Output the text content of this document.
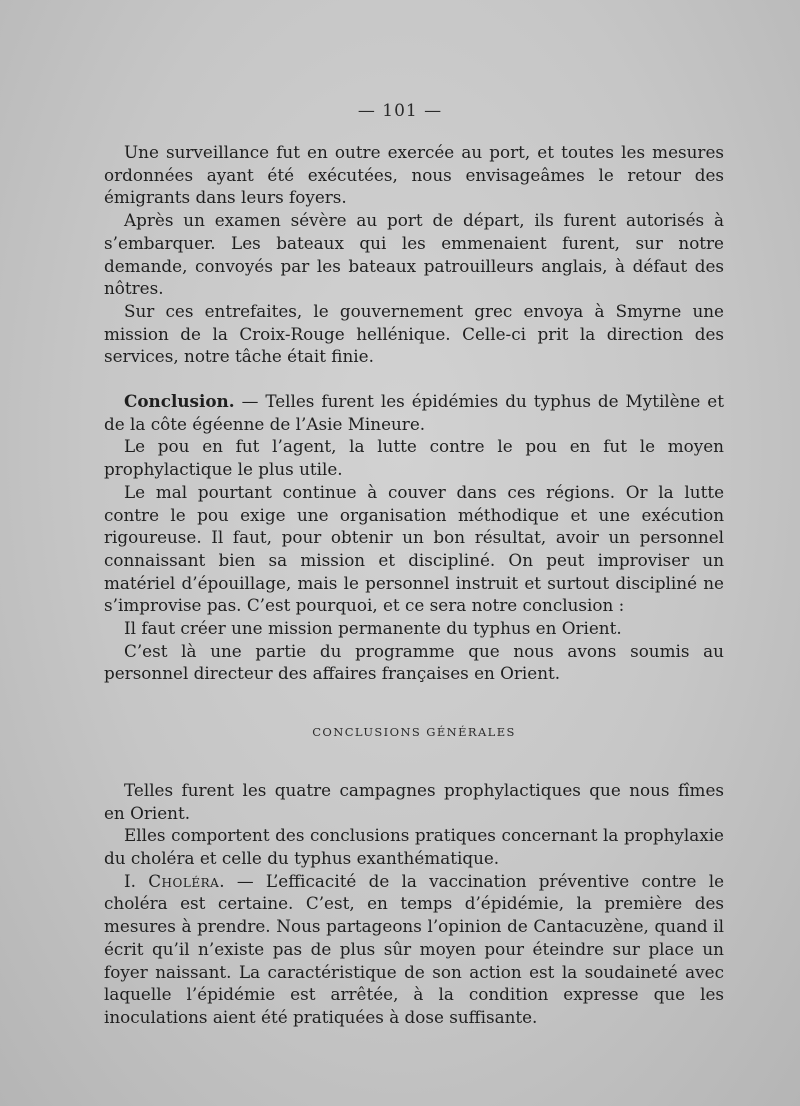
— 101 —

Une surveillance fut en outre exercée au port, et toutes les mesures ordonnées ayant été exécutées, nous envisageâmes le retour des émigrants dans leurs foyers.

Après un examen sévère au port de départ, ils furent autorisés à s’embarquer. Les bateaux qui les emmenaient furent, sur notre demande, convoyés par les bateaux patrouilleurs anglais, à défaut des nôtres.

Sur ces entrefaites, le gouvernement grec envoya à Smyrne une mission de la Croix-Rouge hellénique. Celle-ci prit la direction des services, notre tâche était finie.

Conclusion. — Telles furent les épidémies du typhus de Mytilène et de la côte égéenne de l’Asie Mineure.

Le pou en fut l’agent, la lutte contre le pou en fut le moyen prophylactique le plus utile.

Le mal pourtant continue à couver dans ces régions. Or la lutte contre le pou exige une organisation méthodique et une exécution rigoureuse. Il faut, pour obtenir un bon résultat, avoir un personnel connaissant bien sa mission et discipliné. On peut improviser un matériel d’épouillage, mais le personnel instruit et surtout discipliné ne s’improvise pas. C’est pourquoi, et ce sera notre conclusion :

Il faut créer une mission permanente du typhus en Orient.

C’est là une partie du programme que nous avons soumis au personnel directeur des affaires françaises en Orient.

CONCLUSIONS GÉNÉRALES

Telles furent les quatre campagnes prophylactiques que nous fîmes en Orient.

Elles comportent des conclusions pratiques concernant la prophylaxie du choléra et celle du typhus exanthématique.

I. Choléra. — L’efficacité de la vaccination préventive contre le choléra est certaine. C’est, en temps d’épidémie, la première des mesures à prendre. Nous partageons l’opinion de Cantacuzène, quand il écrit qu’il n’existe pas de plus sûr moyen pour éteindre sur place un foyer naissant. La caractéristique de son action est la soudaineté avec laquelle l’épidémie est arrêtée, à la condition expresse que les inoculations aient été pratiquées à dose suffisante.
